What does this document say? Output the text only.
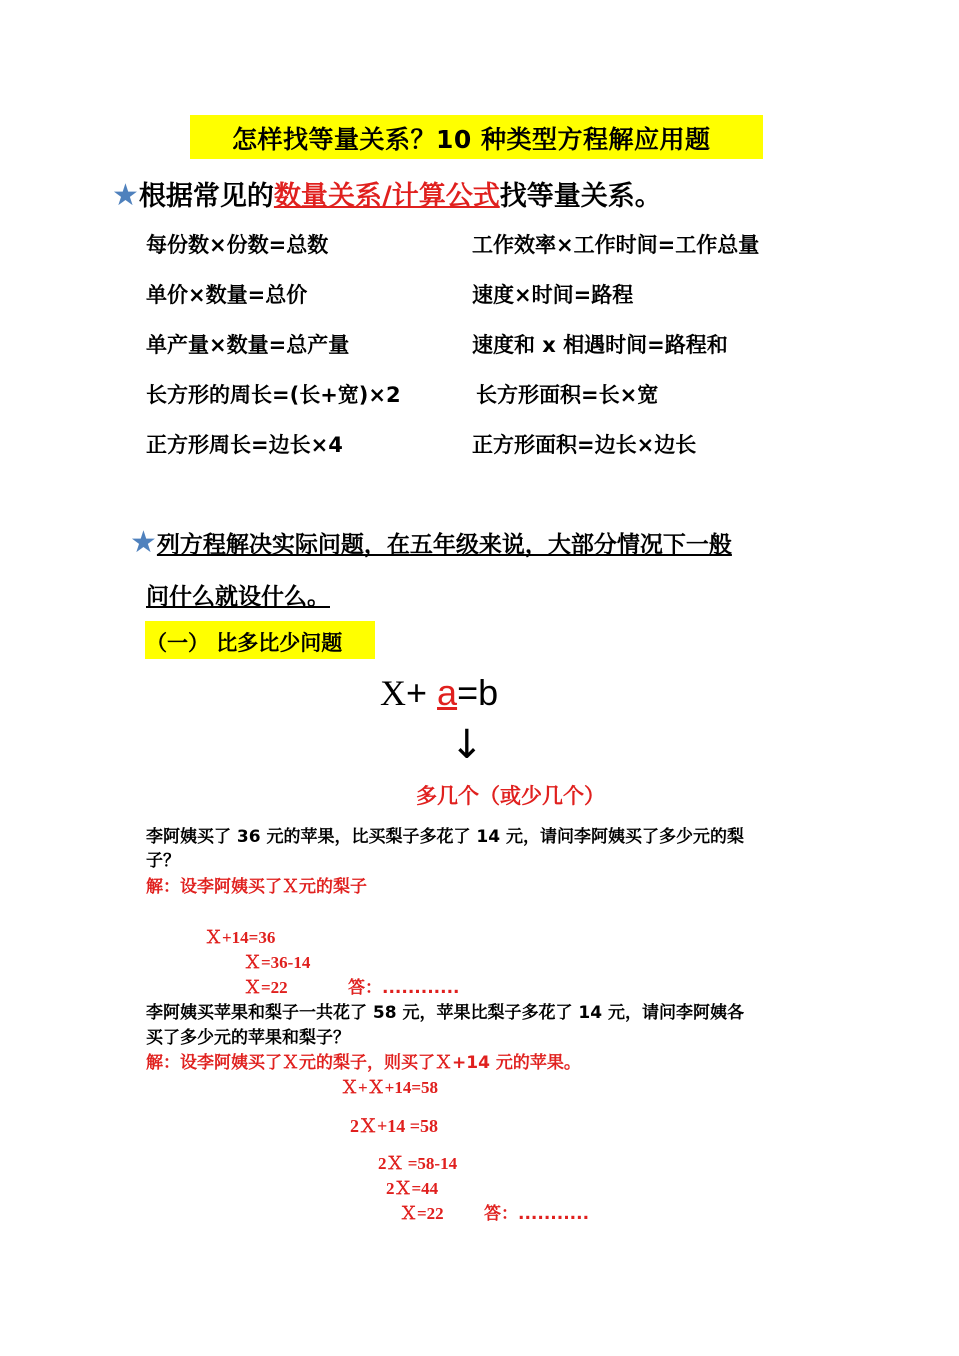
怎样找等量关系？10 种类型方程解应用题
★根据常见的数量关系/计算公式找等量关系。
每份数×份数=总数	工作效率×工作时间=工作总量
单价×数量=总价	速度×时间=路程
单产量×数量=总产量	速度和 x 相遇时间=路程和
长方形的周长=(长+宽)×2	长方形面积=长×宽
正方形周长=边长×4	正方形面积=边长×边长
★列方程解决实际问题，在五年级来说，大部分情况下一般
问什么就设什么。
（一） 比多比少问题
X+ a=b
↓
多几个（或少几个）
李阿姨买了 36 元的苹果，比买梨子多花了 14 元，请问李阿姨买了多少元的梨
子？
解：设李阿姨买了Ｘ元的梨子
Ｘ+14=36
Ｘ=36-14
Ｘ=22	答：............
李阿姨买苹果和梨子一共花了 58 元，苹果比梨子多花了 14 元，请问李阿姨各
买了多少元的苹果和梨子？
解：设李阿姨买了Ｘ元的梨子，则买了Ｘ+14 元的苹果。
Ｘ+Ｘ+14=58
2Ｘ+14 =58
2Ｘ =58-14
2Ｘ=44
Ｘ=22 答：...........
